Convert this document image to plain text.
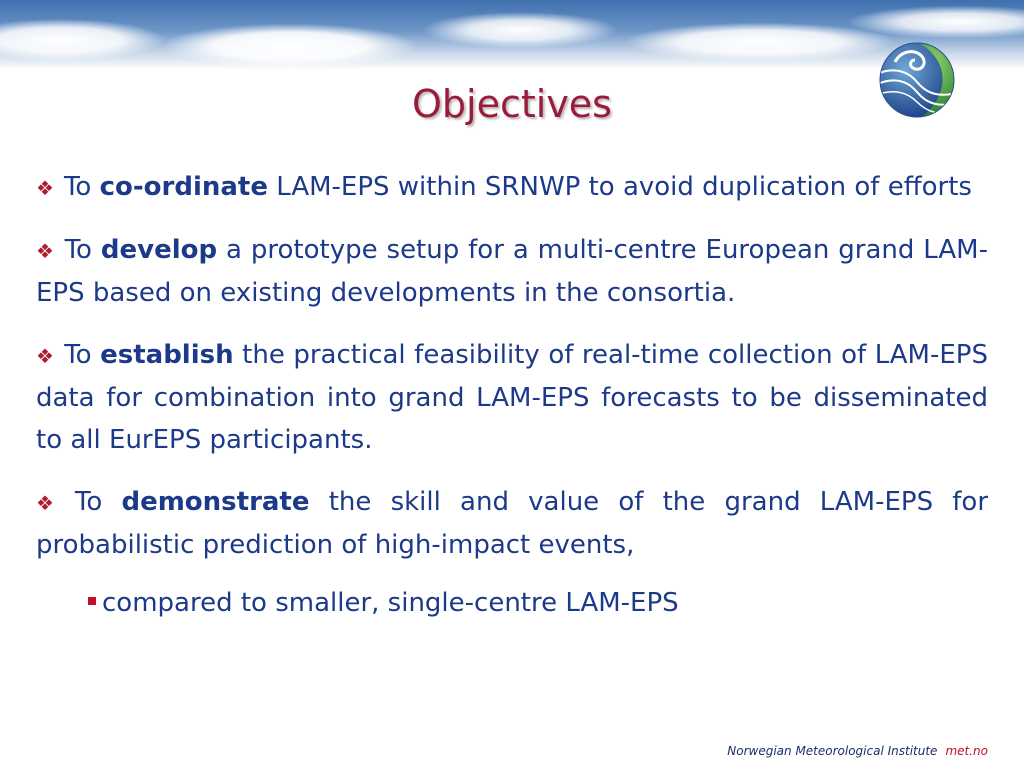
Objectives
❖ To co-ordinate LAM-EPS within SRNWP to avoid duplication of efforts
❖ To develop a prototype setup for a multi-centre European grand LAM-EPS based on existing developments in the consortia.
❖ To establish the practical feasibility of real-time collection of LAM-EPS data for combination into grand LAM-EPS forecasts to be disseminated to all EurEPS participants.
❖ To demonstrate the skill and value of the grand LAM-EPS for probabilistic prediction of high-impact events,
compared to smaller, single-centre LAM-EPS
Norwegian Meteorological Institute met.no
